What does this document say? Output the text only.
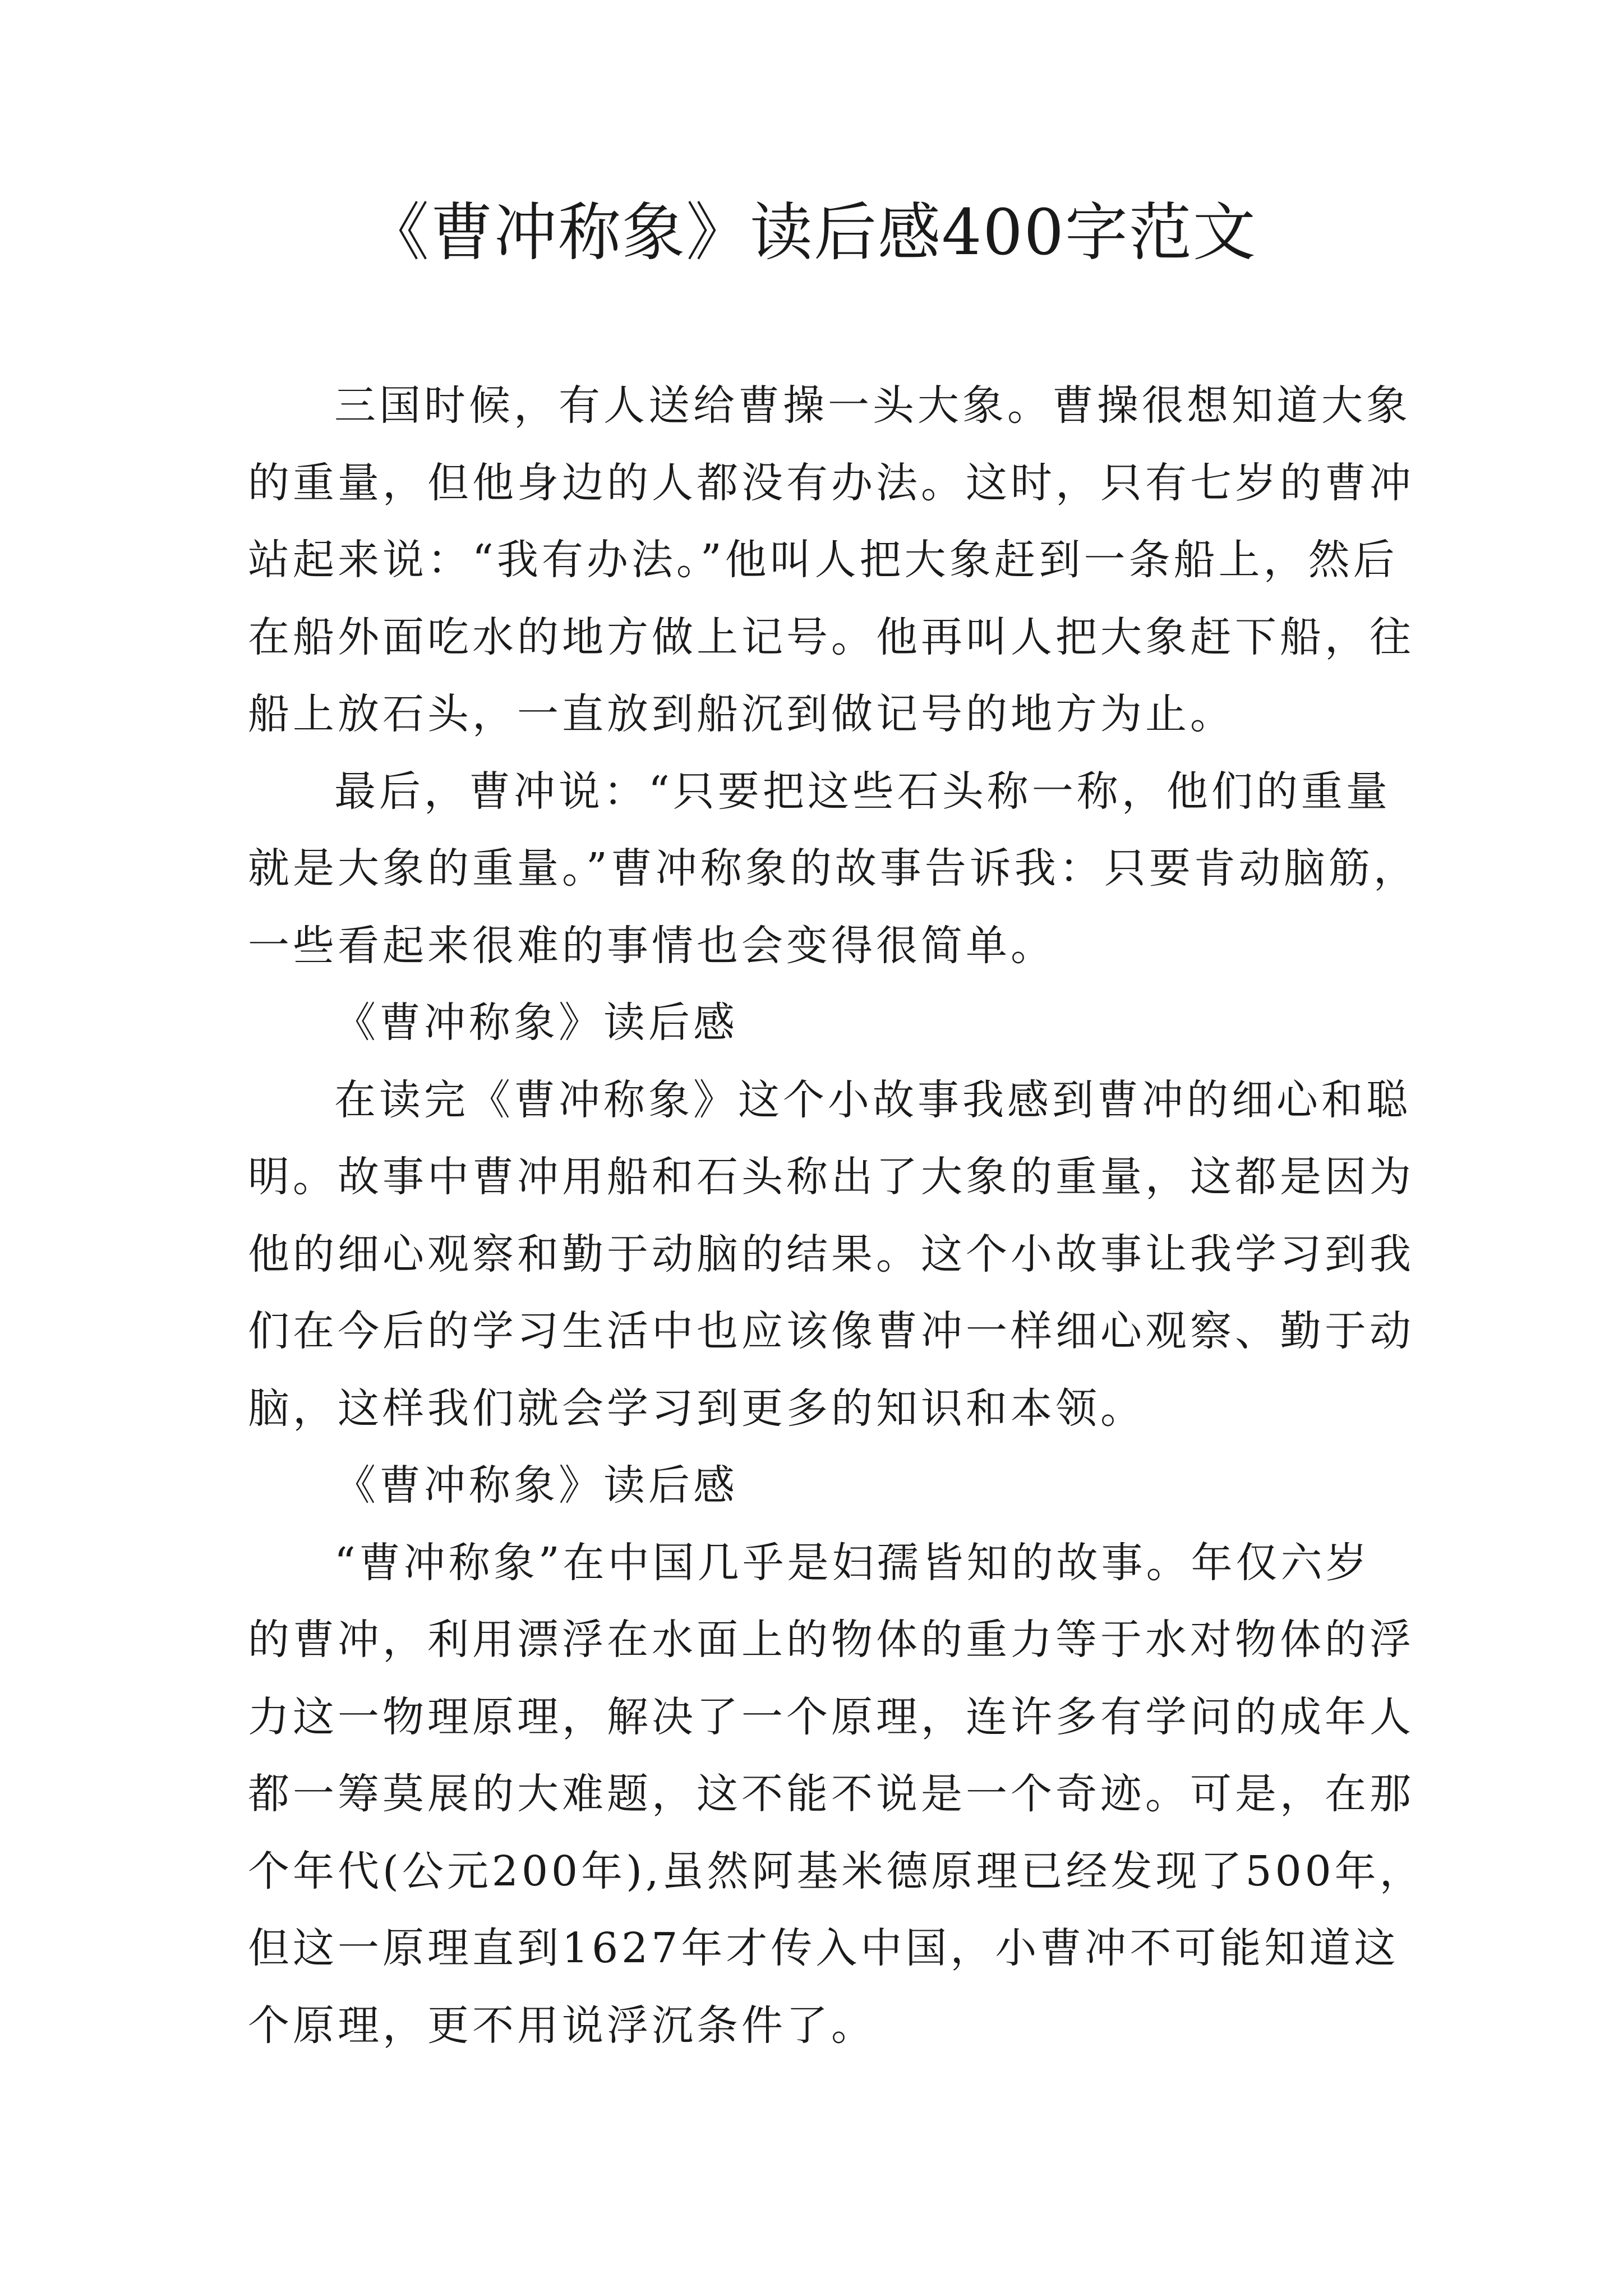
《曹冲称象》读后感400字范文
三国时候，有人送给曹操一头大象。曹操很想知道大象
的重量，但他身边的人都没有办法。这时，只有七岁的曹冲
站起来说：“我有办法。”他叫人把大象赶到一条船上，然后
在船外面吃水的地方做上记号。他再叫人把大象赶下船，往
船上放石头，一直放到船沉到做记号的地方为止。
最后，曹冲说：“只要把这些石头称一称，他们的重量
就是大象的重量。”曹冲称象的故事告诉我：只要肯动脑筋，
一些看起来很难的事情也会变得很简单。
《曹冲称象》读后感
在读完《曹冲称象》这个小故事我感到曹冲的细心和聪
明。故事中曹冲用船和石头称出了大象的重量，这都是因为
他的细心观察和勤于动脑的结果。这个小故事让我学习到我
们在今后的学习生活中也应该像曹冲一样细心观察、勤于动
脑，这样我们就会学习到更多的知识和本领。
《曹冲称象》读后感
“曹冲称象”在中国几乎是妇孺皆知的故事。年仅六岁
的曹冲，利用漂浮在水面上的物体的重力等于水对物体的浮
力这一物理原理，解决了一个原理，连许多有学问的成年人
都一筹莫展的大难题，这不能不说是一个奇迹。可是，在那
个年代(公元200年),虽然阿基米德原理已经发现了500年，
但这一原理直到1627年才传入中国，小曹冲不可能知道这
个原理，更不用说浮沉条件了。
